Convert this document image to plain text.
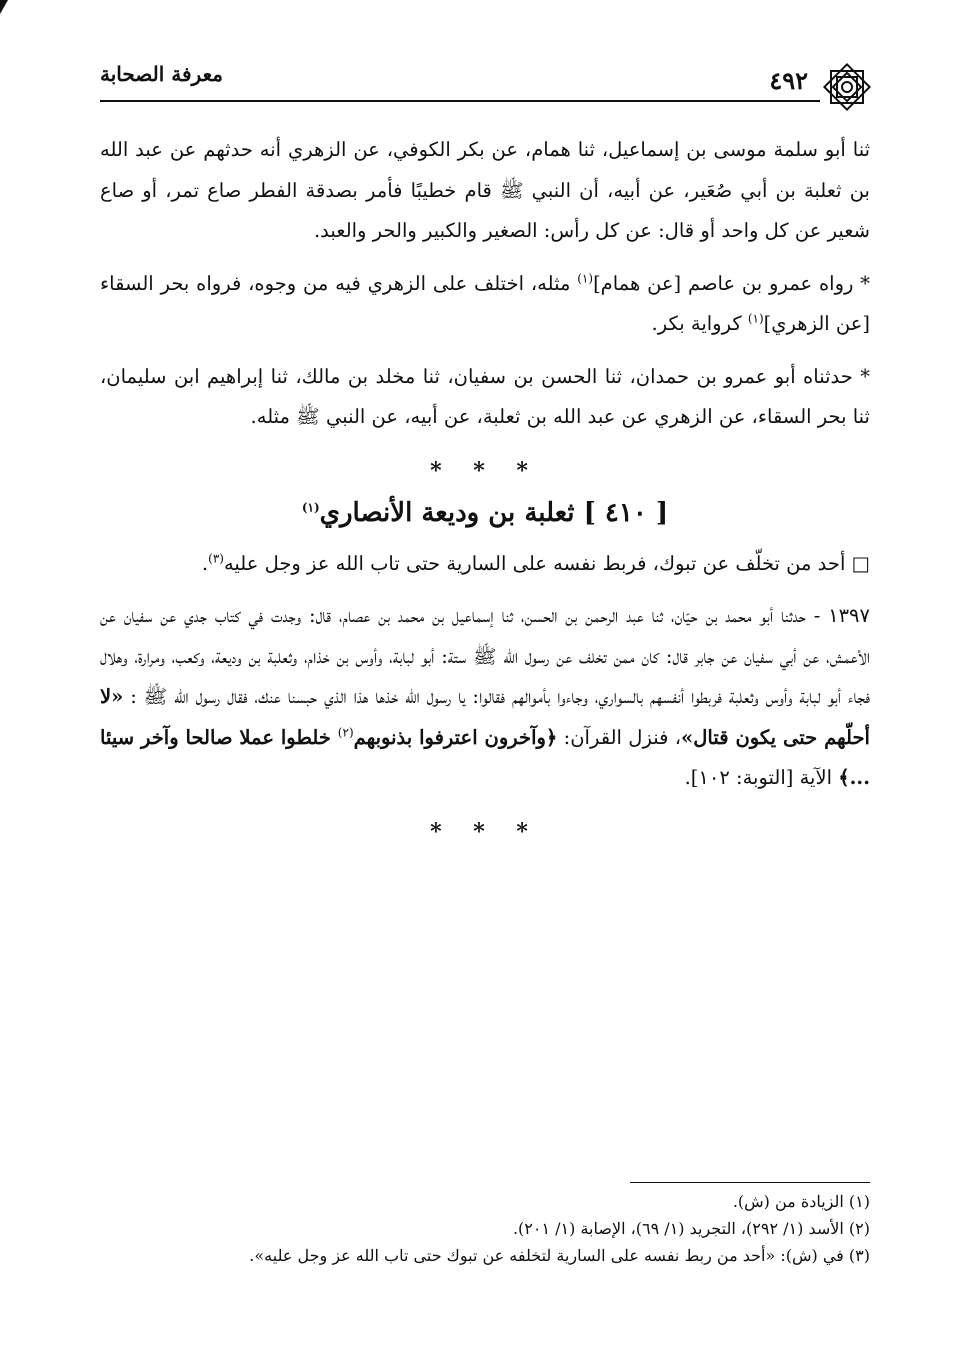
٤٩٢
معرفة الصحابة

ثنا أبو سلمة موسى بن إسماعيل، ثنا همام، عن بكر الكوفي، عن الزهري أنه حدثهم عن عبد الله بن ثعلبة بن أبي صُعَير، عن أبيه، أن النبي ﷺ قام خطيبًا فأمر بصدقة الفطر صاع تمر، أو صاع شعير عن كل واحد أو قال: عن كل رأس: الصغير والكبير والحر والعبد.

* رواه عمرو بن عاصم [عن همام]$^{(١)}$ مثله، اختلف على الزهري فيه من وجوه، فرواه بحر السقاء [عن الزهري]$^{(١)}$ كرواية بكر.

* حدثناه أبو عمرو بن حمدان، ثنا الحسن بن سفيان، ثنا مخلد بن مالك، ثنا إبراهيم ابن سليمان، ثنا بحر السقاء، عن الزهري عن عبد الله بن ثعلبة، عن أبيه، عن النبي ﷺ مثله.

* * *
[ ٤١٠ ] ثعلبة بن وديعة الأنصاري$^{(١)}$

□ أحد من تخلّف عن تبوك، فربط نفسه على السارية حتى تاب الله عز وجل عليه$^{(٣)}$.

١٣٩٧ - حدثنا أبو محمد بن حيّان، ثنا عبد الرحمن بن الحسن، ثنا إسماعيل بن محمد بن عصام، قال: وجدت في كتاب جدي عن سفيان عن الأعمش، عن أبي سفيان عن جابر قال: كان ممن تخلف عن رسول الله ﷺ ستة: أبو لبابة، وأوس بن خذام، وثعلبة بن وديعة، وكعب، ومرارة، وهلال فجاء أبو لبابة وأوس وثعلبة فربطوا أنفسهم بالسواري، وجاءوا بأموالهم فقالوا: يا رسول الله خذها هذا الذي حبسنا عنك، فقال رسول الله ﷺ : «لا أحلّهم حتى يكون قتال»، فنزل القرآن: ﴿وآخرون اعترفوا بذنوبهم$^{(٢)}$ خلطوا عملا صالحا وآخر سيئا ...﴾ الآية [التوبة: ١٠٢].

* * *

(١) الزيادة من (ش).

(٢) الأسد (١/ ٢٩٢)، التجريد (١/ ٦٩)، الإصابة (١/ ٢٠١).

(٣) في (ش): «أحد من ربط نفسه على السارية لتخلفه عن تبوك حتى تاب الله عز وجل عليه».
